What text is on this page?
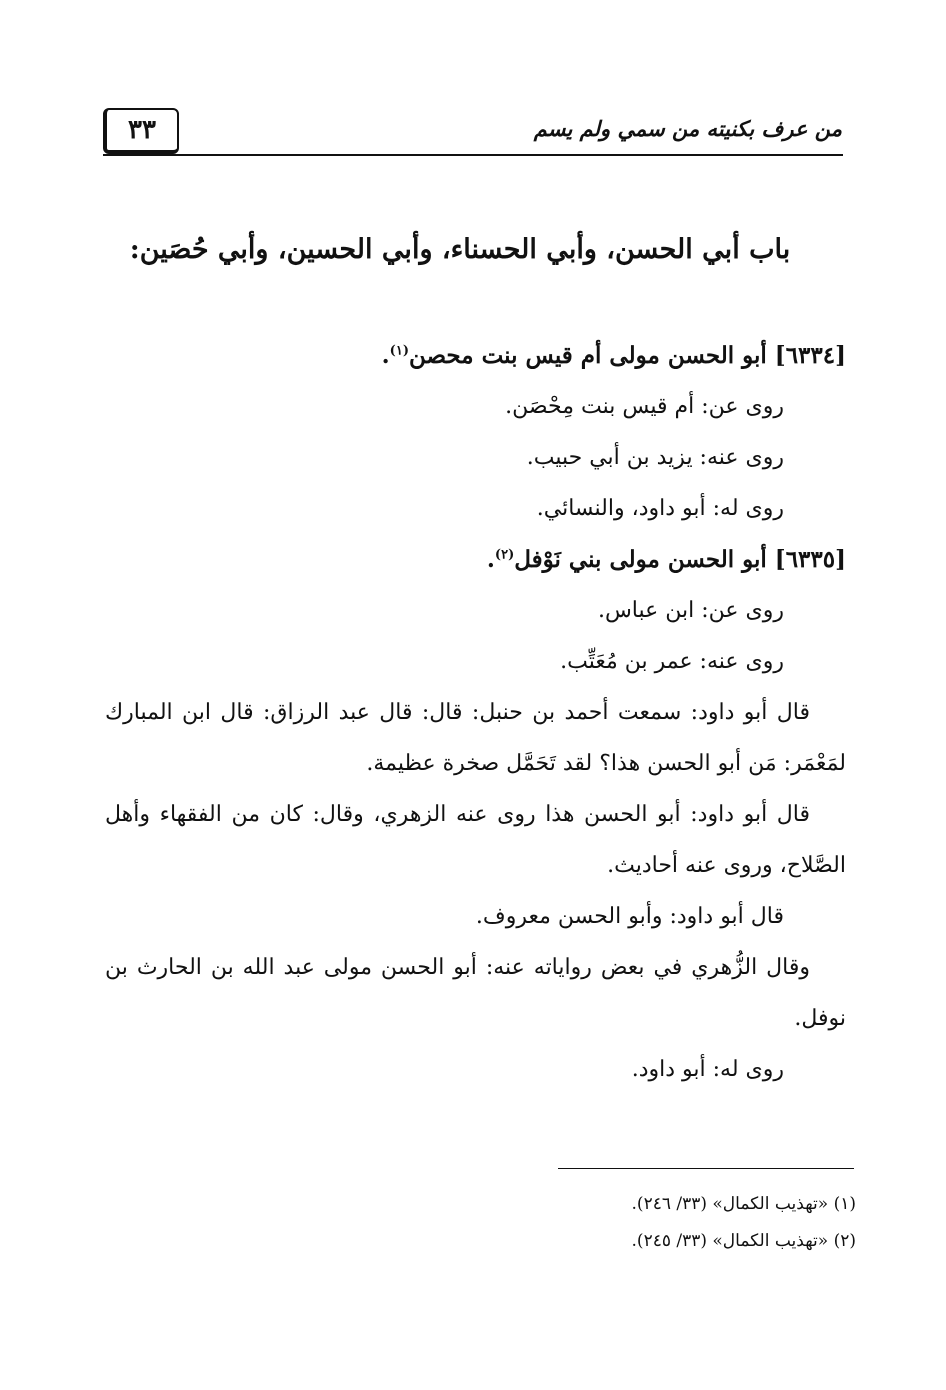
٣٣	من عرف بكنيته من سمي ولم يسم
باب أبي الحسن، وأبي الحسناء، وأبي الحسين، وأبي حُصَين:
[٦٣٣٤] أبو الحسن مولى أم قيس بنت محصن$^{(١)}$.
روى عن: أم قيس بنت مِحْصَن.
روى عنه: يزيد بن أبي حبيب.
روى له: أبو داود، والنسائي.
[٦٣٣٥] أبو الحسن مولى بني نَوْفل$^{(٢)}$.
روى عن: ابن عباس.
روى عنه: عمر بن مُعَتِّب.
قال أبو داود: سمعت أحمد بن حنبل: قال: قال عبد الرزاق: قال ابن المبارك لمَعْمَر: مَن أبو الحسن هذا؟ لقد تَحَمَّل صخرة عظيمة.
قال أبو داود: أبو الحسن هذا روى عنه الزهري، وقال: كان من الفقهاء وأهل الصَّلاح، وروى عنه أحاديث.
قال أبو داود: وأبو الحسن معروف.
وقال الزُّهري في بعض رواياته عنه: أبو الحسن مولى عبد الله بن الحارث بن نوفل.
روى له: أبو داود.
(١) «تهذيب الكمال» (٣٣/ ٢٤٦).
(٢) «تهذيب الكمال» (٣٣/ ٢٤٥).
